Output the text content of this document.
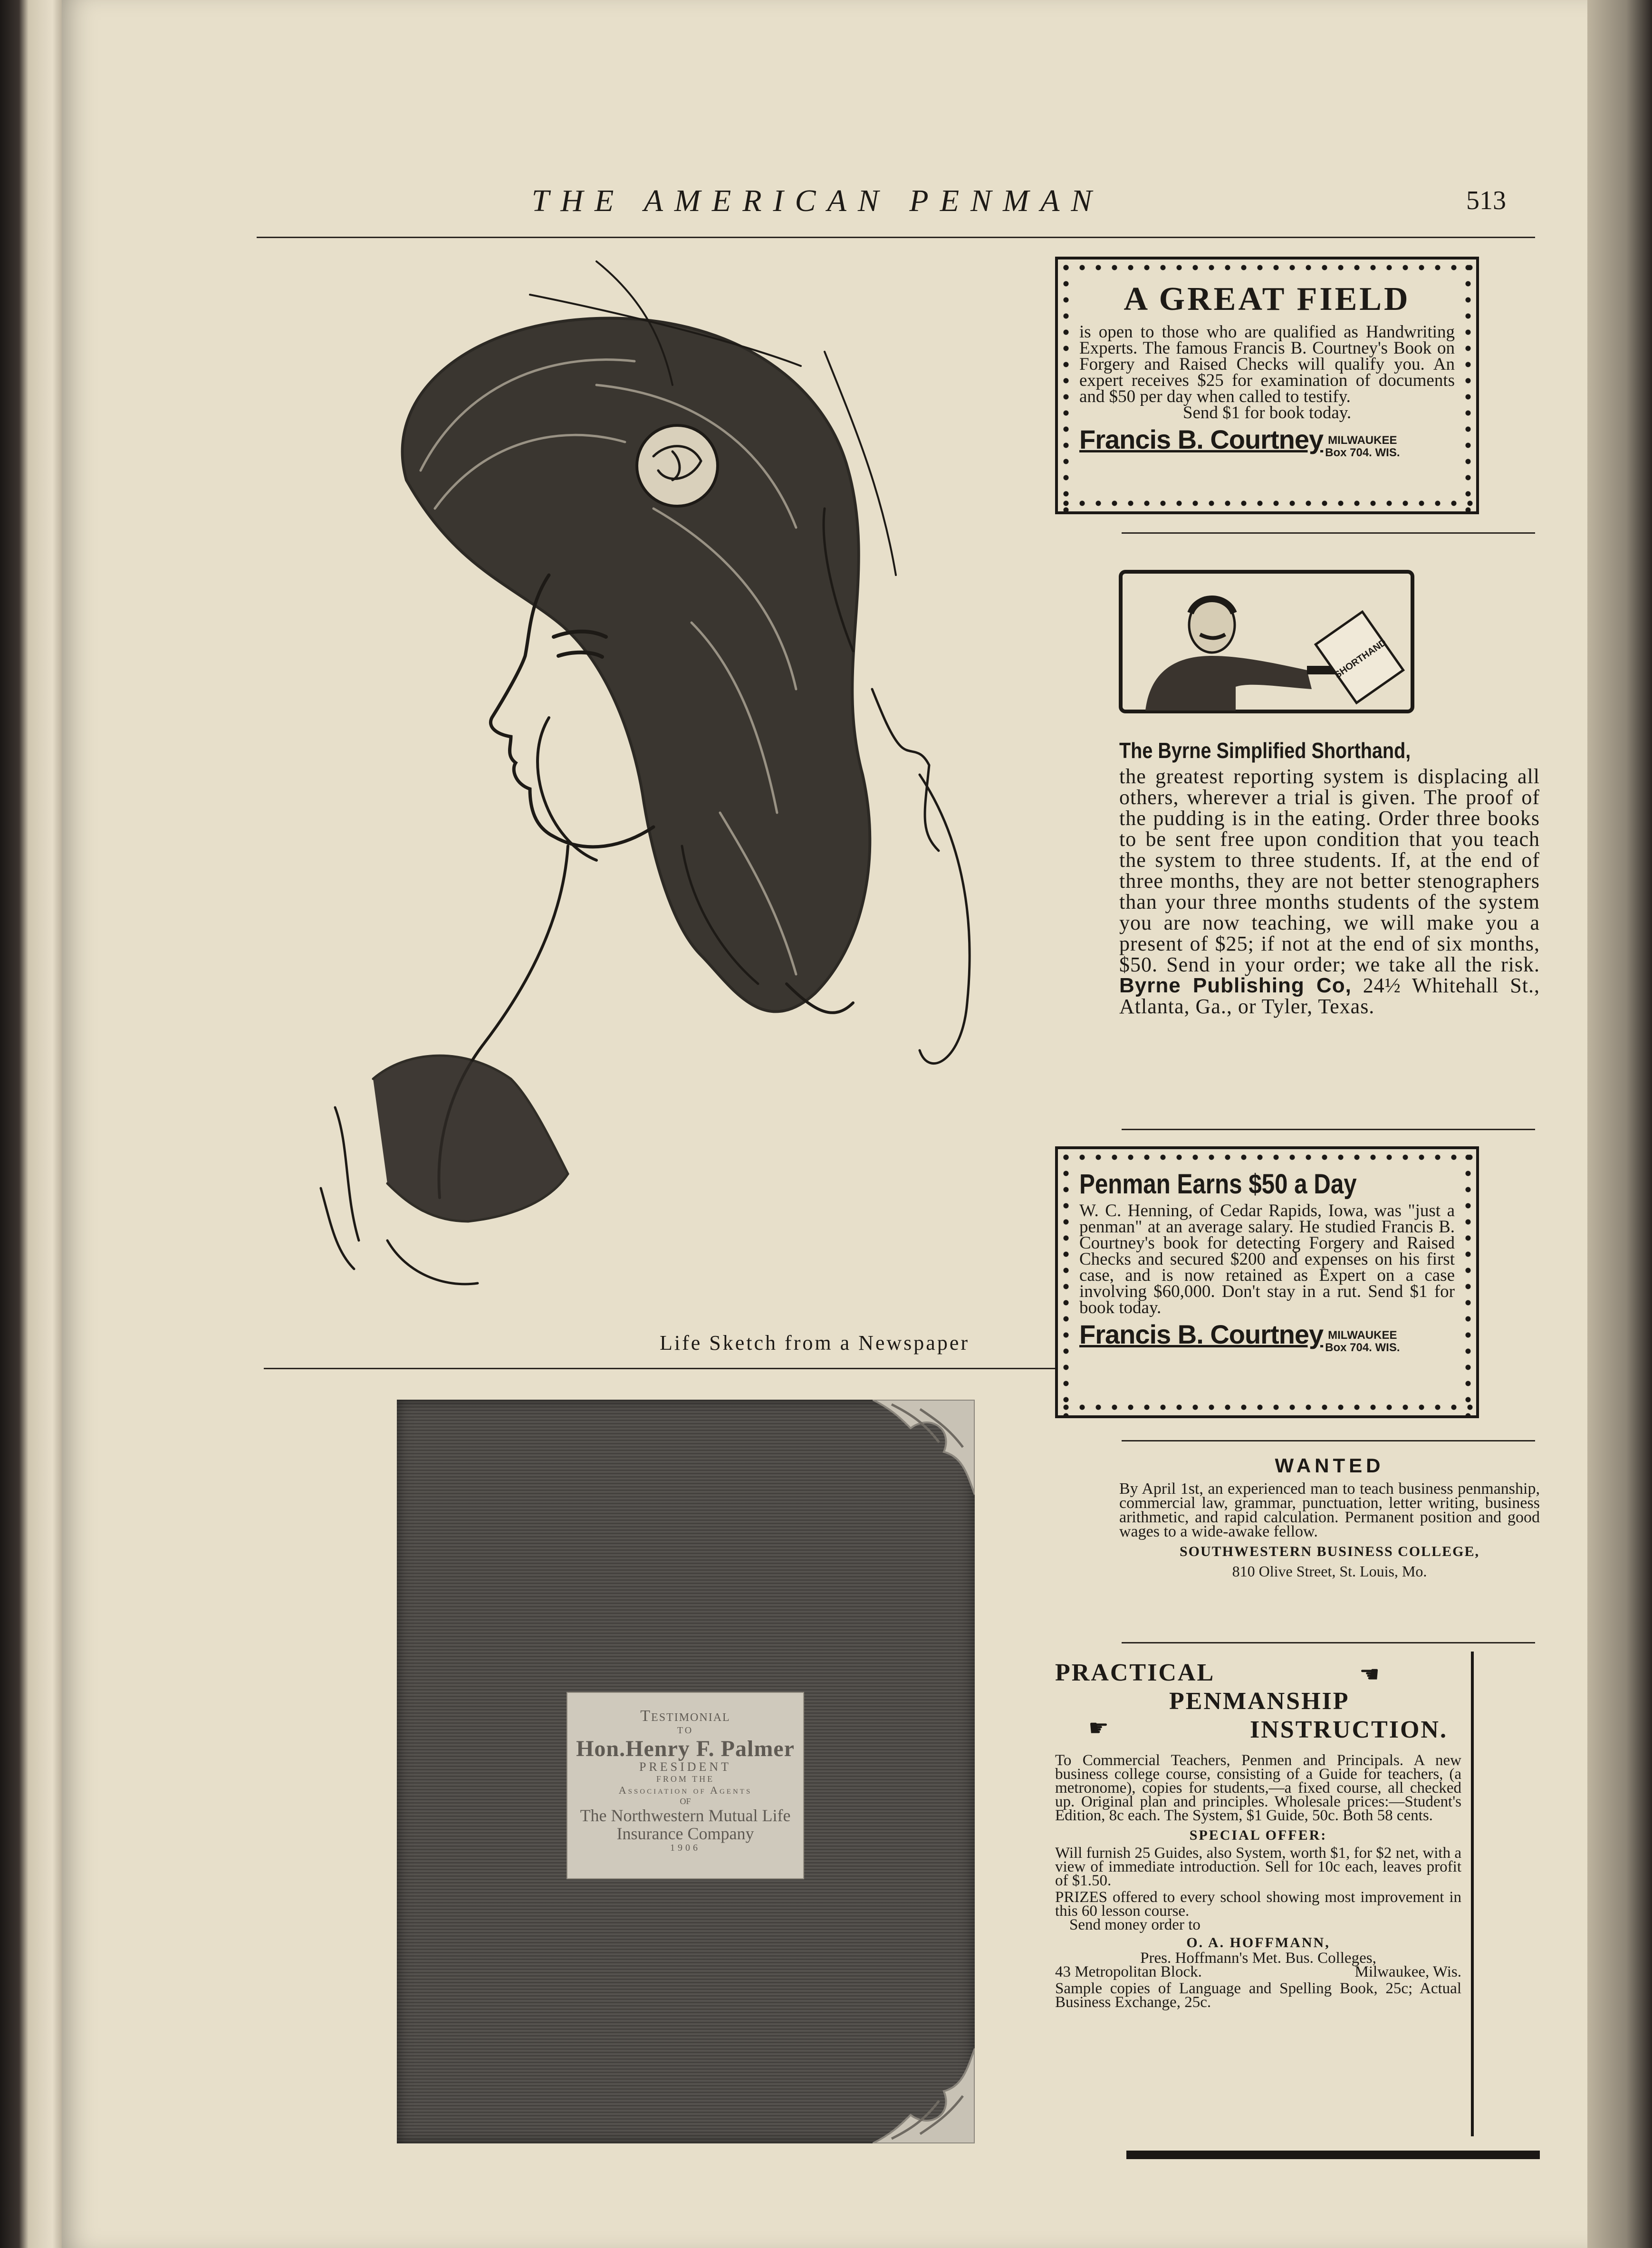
THE AMERICAN PENMAN	513
Life Sketch from a Newspaper
Testimonial
TO
Hon.Henry F. Palmer
PRESIDENT
FROM THE
Association of Agents
OF
The Northwestern Mutual Life Insurance Company
1906
A GREAT FIELD
is open to those who are qualified as Handwriting Experts. The famous Francis B. Courtney's Book on Forgery and Raised Checks will qualify you. An expert receives $25 for examination of documents and $50 per day when called to testify.
Send $1 for book today.
Francis B. Courtney MILWAUKEE
Box 704. WIS.
SHORTHAND
The Byrne Simplified Shorthand,
the greatest reporting system is displacing all others, wherever a trial is given. The proof of the pudding is in the eating. Order three books to be sent free upon condition that you teach the system to three students. If, at the end of three months, they are not better stenographers than your three months students of the system you are now teaching, we will make you a present of $25; if not at the end of six months, $50. Send in your order; we take all the risk. Byrne Publishing Co, 24½ Whitehall St., Atlanta, Ga., or Tyler, Texas.
Penman Earns $50 a Day
W. C. Henning, of Cedar Rapids, Iowa, was "just a penman" at an average salary. He studied Francis B. Courtney's book for detecting Forgery and Raised Checks and secured $200 and expenses on his first case, and is now retained as Expert on a case involving $60,000. Don't stay in a rut. Send $1 for book today.
Francis B. Courtney MILWAUKEE
Box 704. WIS.
WANTED
By April 1st, an experienced man to teach business penmanship, commercial law, grammar, punctuation, letter writing, business arithmetic, and rapid calculation. Permanent position and good wages to a wide-awake fellow.
SOUTHWESTERN BUSINESS COLLEGE,
810 Olive Street, St. Louis, Mo.
PRACTICAL	☚
PENMANSHIP
☛	INSTRUCTION.
To Commercial Teachers, Penmen and Principals. A new business college course, consisting of a Guide for teachers, (a metronome), copies for students,—a fixed course, all checked up. Original plan and principles. Wholesale prices:—Student's Edition, 8c each. The System, $1 Guide, 50c. Both 58 cents.
SPECIAL OFFER:
Will furnish 25 Guides, also System, worth $1, for $2 net, with a view of immediate introduction. Sell for 10c each, leaves profit of $1.50.
PRIZES offered to every school showing most improvement in this 60 lesson course.
Send money order to
O. A. HOFFMANN,
Pres. Hoffmann's Met. Bus. Colleges,
43 Metropolitan Block.	Milwaukee, Wis.
Sample copies of Language and Spelling Book, 25c; Actual Business Exchange, 25c.
